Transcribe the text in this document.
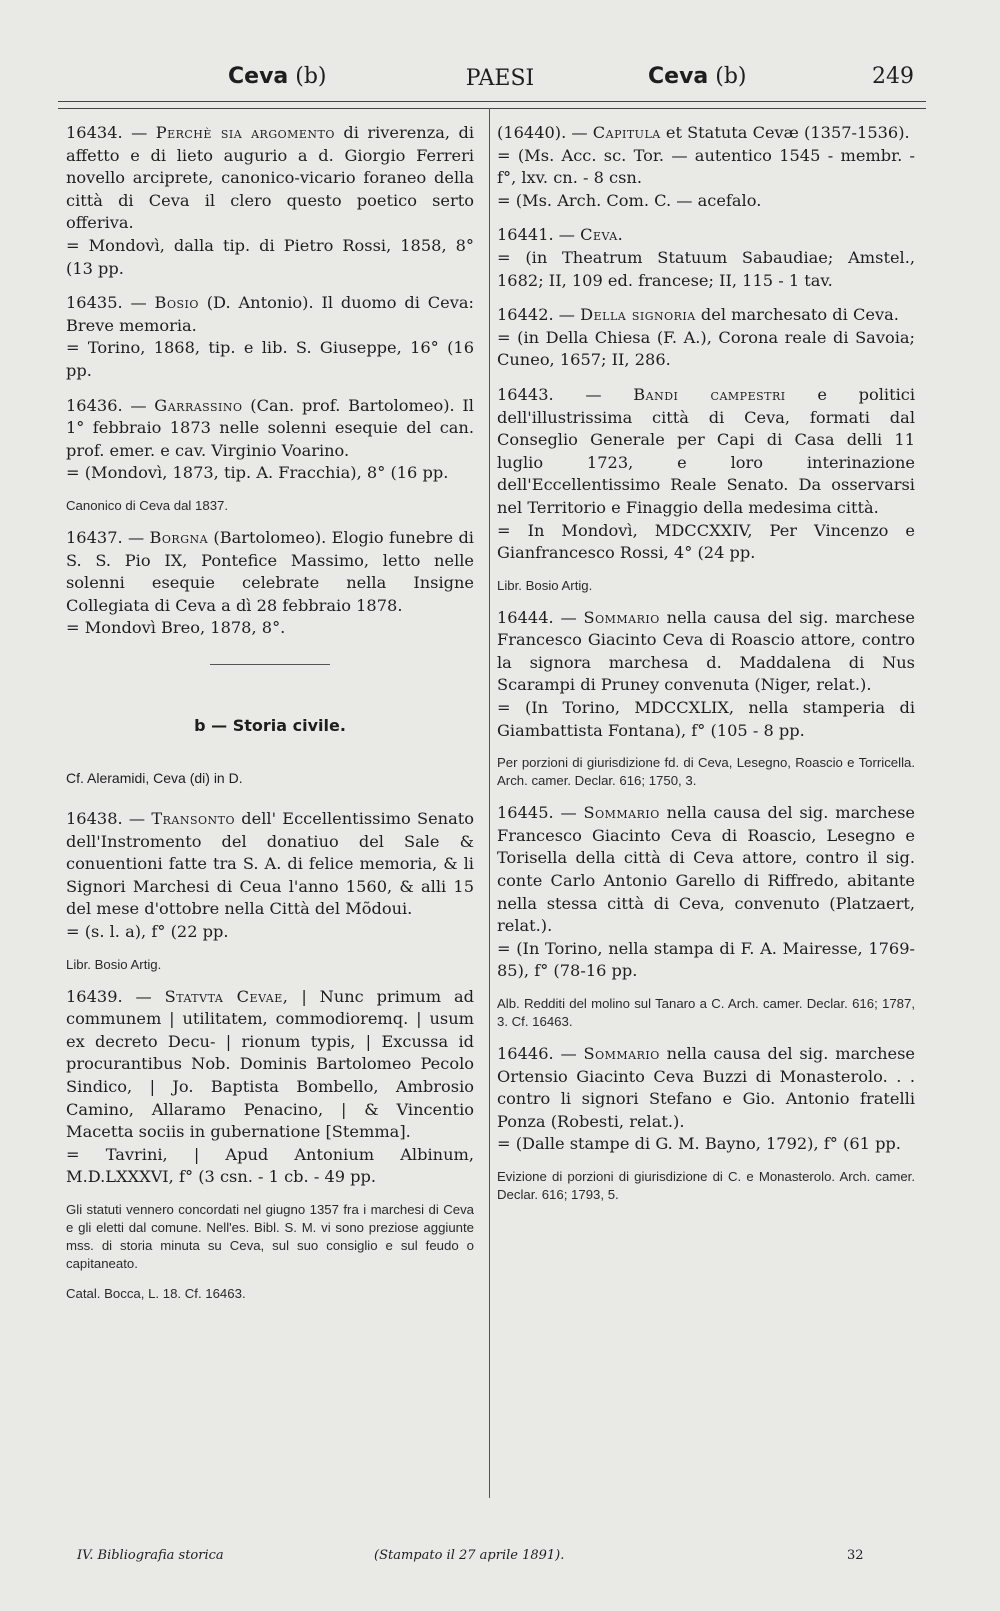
Ceva (b)	PAESI	Ceva (b)	249
16434. — Perchè sia argomento di riverenza, di affetto e di lieto augurio a d. Giorgio Ferreri novello arciprete, canonico-vicario foraneo della città di Ceva il clero questo poetico serto offeriva.
= Mondovì, dalla tip. di Pietro Rossi, 1858, 8° (13 pp.
16435. — Bosio (D. Antonio). Il duomo di Ceva: Breve memoria.
= Torino, 1868, tip. e lib. S. Giuseppe, 16° (16 pp.
16436. — Garrassino (Can. prof. Bartolomeo). Il 1° febbraio 1873 nelle solenni esequie del can. prof. emer. e cav. Virginio Voarino.
= (Mondovì, 1873, tip. A. Fracchia), 8° (16 pp.
Canonico di Ceva dal 1837.
16437. — Borgna (Bartolomeo). Elogio funebre di S. S. Pio IX, Pontefice Massimo, letto nelle solenni esequie celebrate nella Insigne Collegiata di Ceva a dì 28 febbraio 1878.
= Mondovì Breo, 1878, 8°.
b — Storia civile.
Cf. Aleramidi, Ceva (di) in D.
16438. — Transonto dell' Eccellentissimo Senato dell'Instromento del donatiuo del Sale & conuentioni fatte tra S. A. di felice memoria, & li Signori Marchesi di Ceua l'anno 1560, & alli 15 del mese d'ottobre nella Città del Mõdoui.
= (s. l. a), f° (22 pp.
Libr. Bosio Artig.
16439. — Statvta Cevae, | Nunc primum ad communem | utilitatem, commodioremq. | usum ex decreto Decu- | rionum typis, | Excussa id procurantibus Nob. Dominis Bartolomeo Pecolo Sindico, | Jo. Baptista Bombello, Ambrosio Camino, Allaramo Penacino, | & Vincentio Macetta sociis in gubernatione [Stemma].
= Tavrini, | Apud Antonium Albinum, M.D.LXXXVI, f° (3 csn. - 1 cb. - 49 pp.
Gli statuti vennero concordati nel giugno 1357 fra i marchesi di Ceva e gli eletti dal comune. Nell'es. Bibl. S. M. vi sono preziose aggiunte mss. di storia minuta su Ceva, sul suo consiglio e sul feudo o capitaneato.
Catal. Bocca, L. 18. Cf. 16463.
(16440). — Capitula et Statuta Cevæ (1357-1536).
= (Ms. Acc. sc. Tor. — autentico 1545 - membr. - f°, lxv. cn. - 8 csn.
= (Ms. Arch. Com. C. — acefalo.
16441. — Ceva.
= (in Theatrum Statuum Sabaudiae; Amstel., 1682; II, 109 ed. francese; II, 115 - 1 tav.
16442. — Della signoria del marchesato di Ceva.
= (in Della Chiesa (F. A.), Corona reale di Savoia; Cuneo, 1657; II, 286.
16443. — Bandi campestri e politici dell'illustrissima città di Ceva, formati dal Conseglio Generale per Capi di Casa delli 11 luglio 1723, e loro interinazione dell'Eccellentissimo Reale Senato. Da osservarsi nel Territorio e Finaggio della medesima città.
= In Mondovì, MDCCXXIV, Per Vincenzo e Gianfrancesco Rossi, 4° (24 pp.
Libr. Bosio Artig.
16444. — Sommario nella causa del sig. marchese Francesco Giacinto Ceva di Roascio attore, contro la signora marchesa d. Maddalena di Nus Scarampi di Pruney convenuta (Niger, relat.).
= (In Torino, MDCCXLIX, nella stamperia di Giambattista Fontana), f° (105 - 8 pp.
Per porzioni di giurisdizione fd. di Ceva, Lesegno, Roascio e Torricella. Arch. camer. Declar. 616; 1750, 3.
16445. — Sommario nella causa del sig. marchese Francesco Giacinto Ceva di Roascio, Lesegno e Torisella della città di Ceva attore, contro il sig. conte Carlo Antonio Garello di Riffredo, abitante nella stessa città di Ceva, convenuto (Platzaert, relat.).
= (In Torino, nella stampa di F. A. Mairesse, 1769-85), f° (78-16 pp.
Alb. Redditi del molino sul Tanaro a C. Arch. camer. Declar. 616; 1787, 3. Cf. 16463.
16446. — Sommario nella causa del sig. marchese Ortensio Giacinto Ceva Buzzi di Monasterolo. . . contro li signori Stefano e Gio. Antonio fratelli Ponza (Robesti, relat.).
= (Dalle stampe di G. M. Bayno, 1792), f° (61 pp.
Evizione di porzioni di giurisdizione di C. e Monasterolo. Arch. camer. Declar. 616; 1793, 5.
IV. Bibliografia storica	(Stampato il 27 aprile 1891).	32
